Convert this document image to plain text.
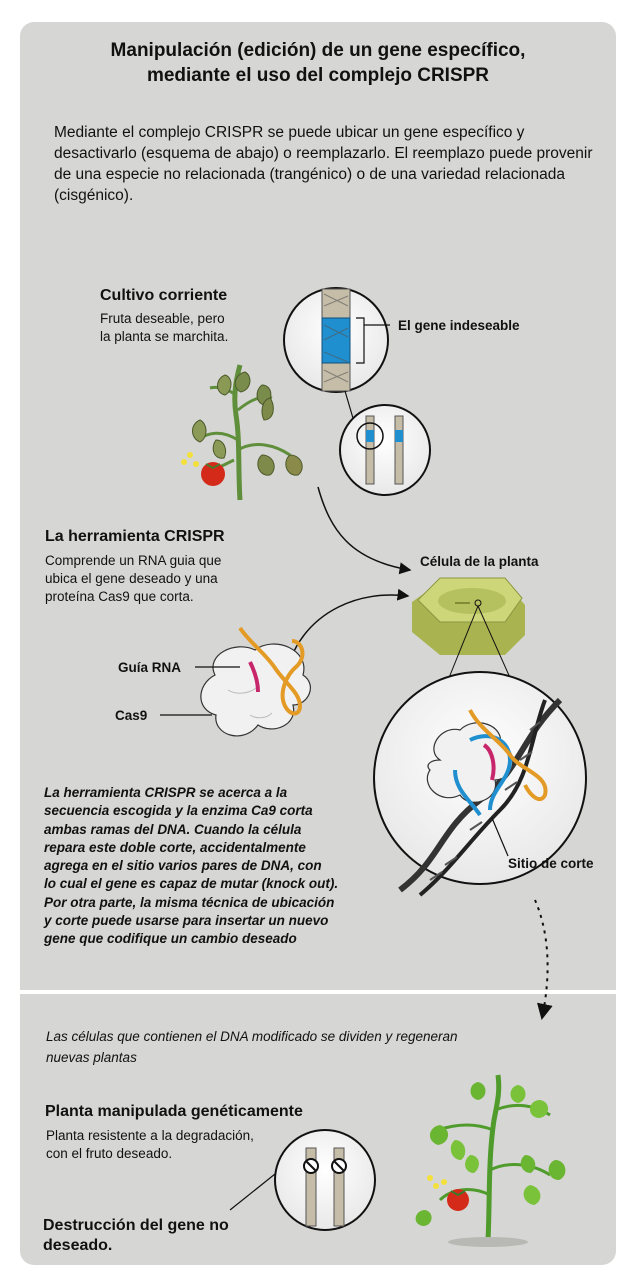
Manipulación (edición) de un gene específico,
mediante el uso del complejo CRISPR
Mediante el complejo CRISPR se puede ubicar un gene específico y desactivarlo (esquema de abajo) o reemplazarlo. El reemplazo puede provenir de una especie no relacionada (trangénico) o de una variedad relacionada (cisgénico).
Cultivo corriente
Fruta deseable, pero
la planta se marchita.
El gene indeseable
La herramienta CRISPR
Comprende un RNA guia que
ubica el gene deseado y una
proteína Cas9 que corta.
Guía RNA
Cas9
Célula de la planta
La herramienta CRISPR se acerca a la
secuencia escogida y la enzima Ca9 corta
ambas ramas del DNA. Cuando la célula
repara este doble corte, accidentalmente
agrega en el sitio varios pares de DNA, con
lo cual el gene es capaz de mutar (knock out).
Por otra parte, la misma técnica de ubicación
y corte puede usarse para insertar un nuevo
gene que codifique un cambio deseado
Sitio de corte
Las células que contienen el DNA modificado se dividen y regeneran
nuevas plantas
Planta manipulada genéticamente
Planta resistente a la degradación,
con el fruto deseado.
Destrucción del gene no
deseado.
